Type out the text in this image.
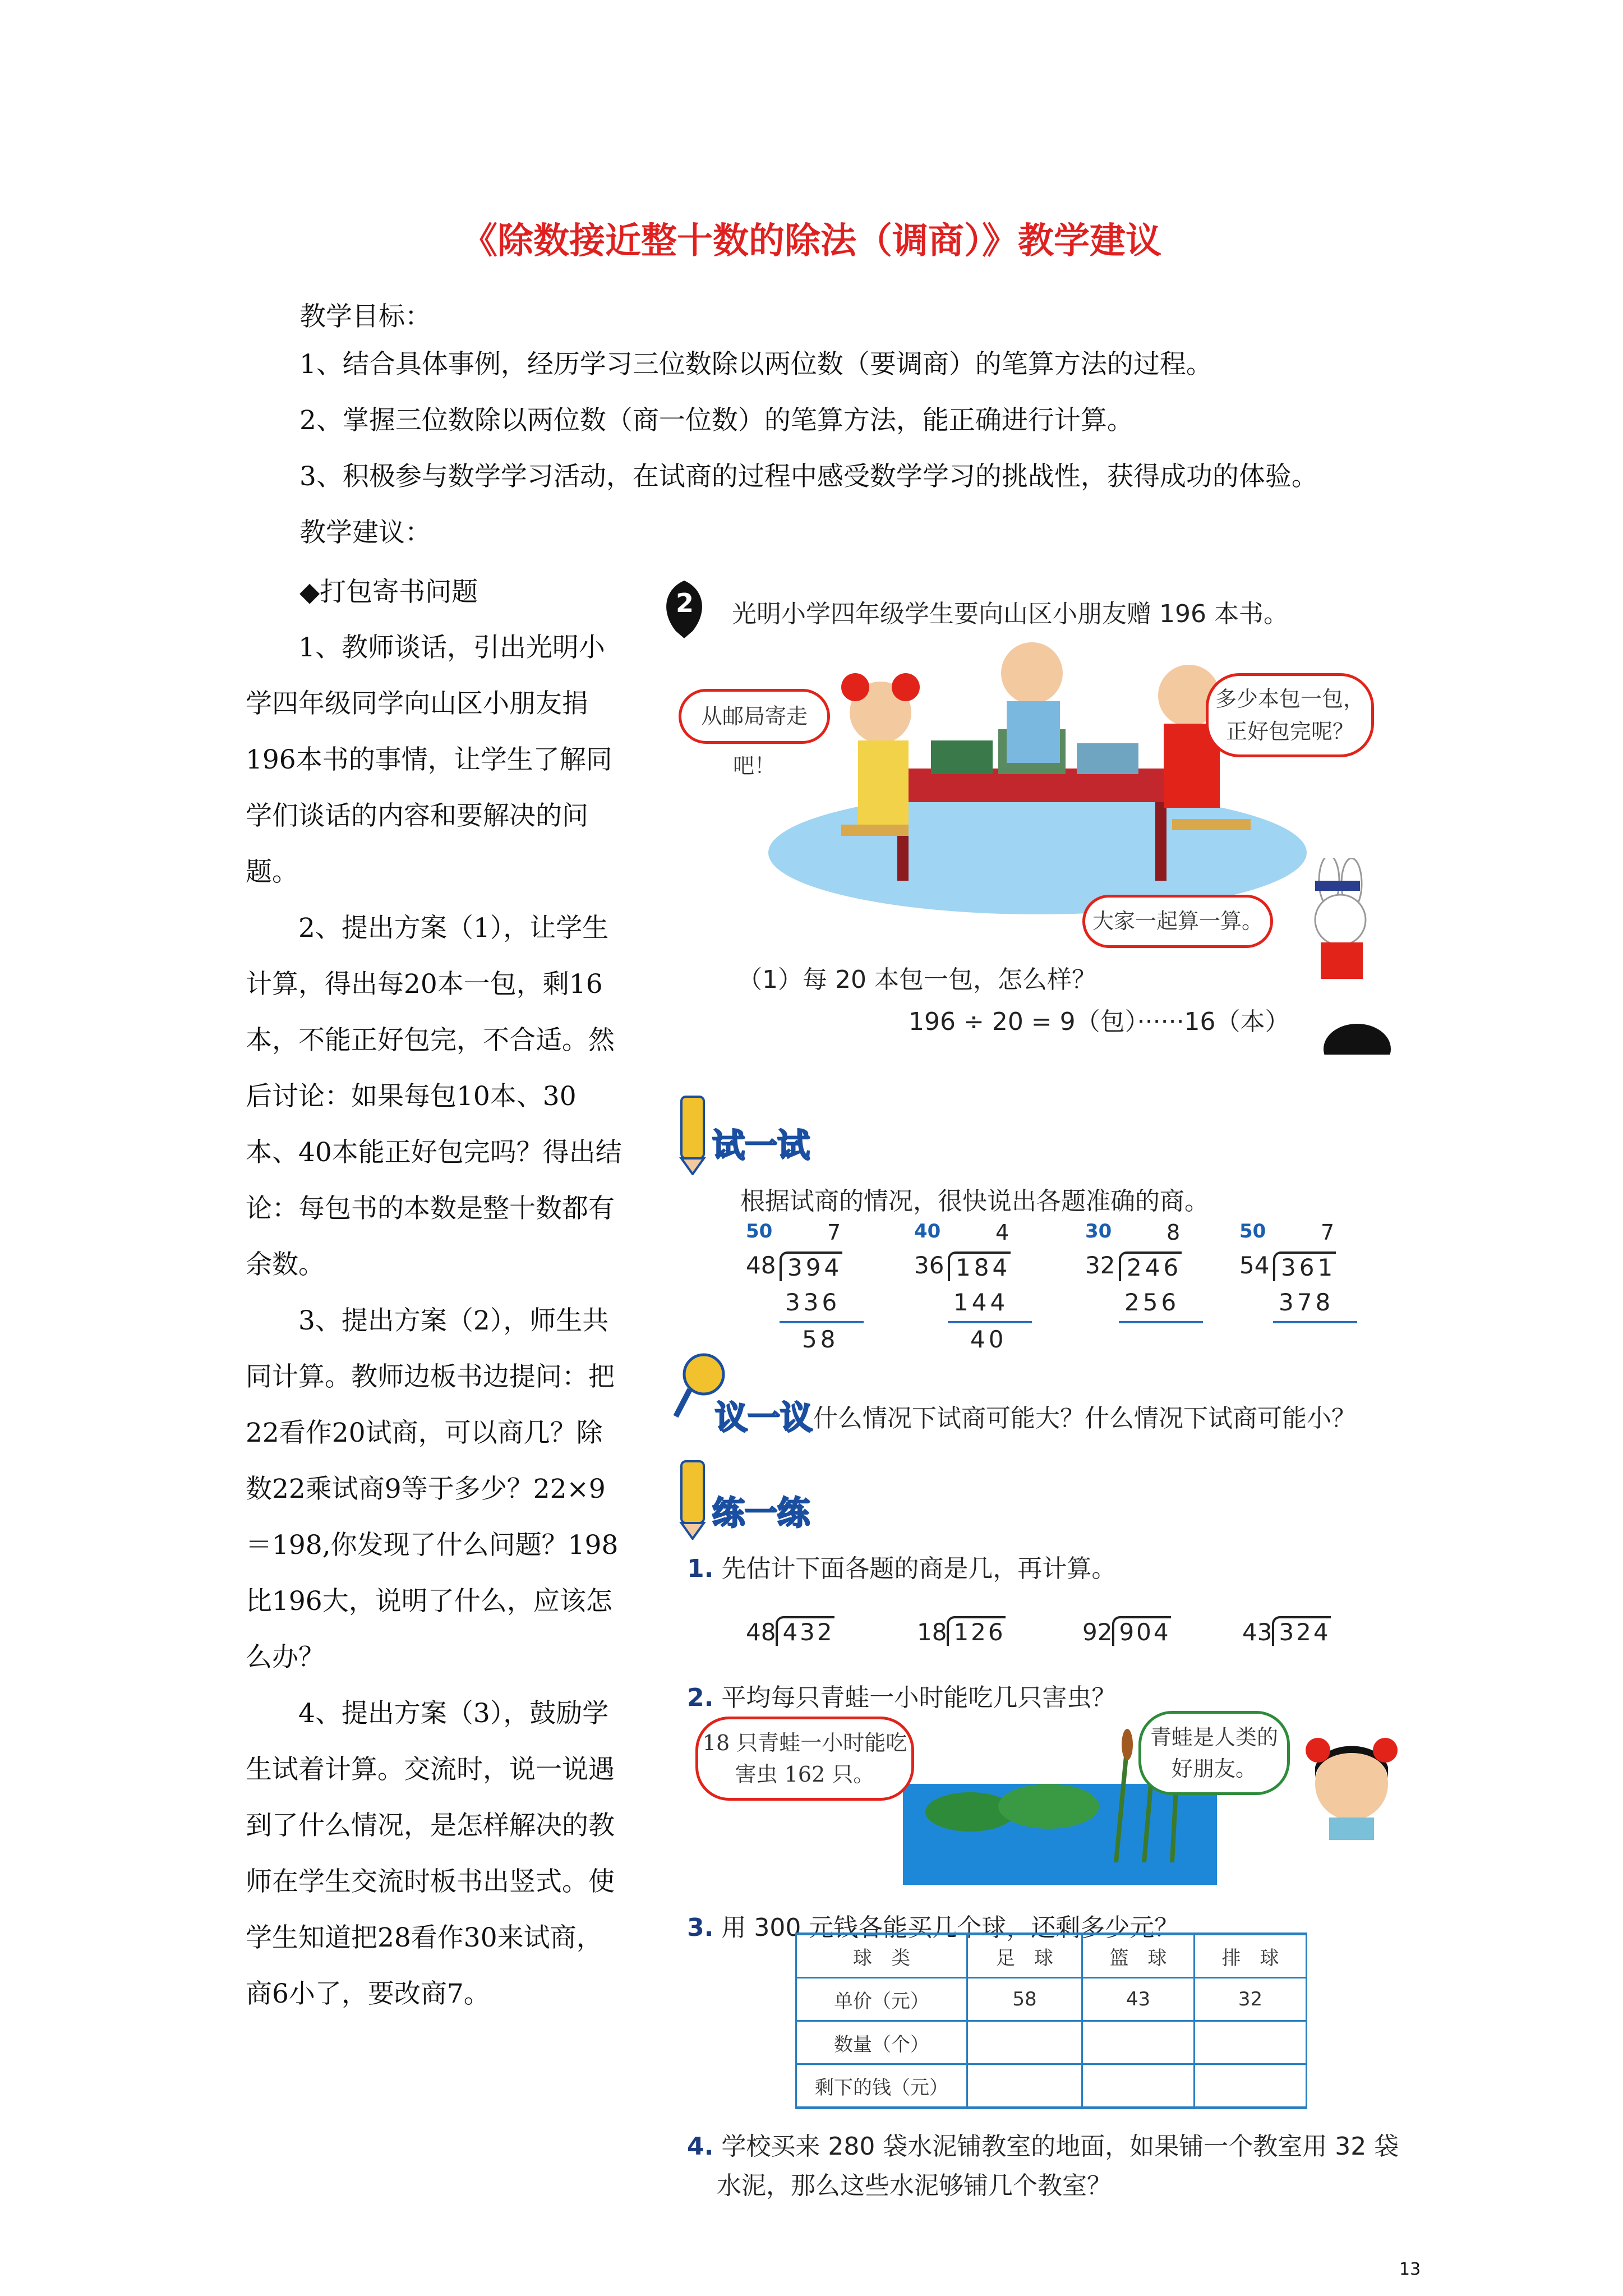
《除数接近整十数的除法（调商）》教学建议
教学目标：
1、结合具体事例，经历学习三位数除以两位数（要调商）的笔算方法的过程。
2、掌握三位数除以两位数（商一位数）的笔算方法，能正确进行计算。
3、积极参与数学学习活动，在试商的过程中感受数学学习的挑战性，获得成功的体验。
教学建议：
◆打包寄书问题

1、教师谈话，引出光明小学四年级同学向山区小朋友捐196本书的事情，让学生了解同学们谈话的内容和要解决的问题。

2、提出方案（1），让学生计算，得出每20本一包，剩16本，不能正好包完，不合适。然后讨论：如果每包10本、30本、40本能正好包完吗？得出结论：每包书的本数是整十数都有余数。

3、提出方案（2），师生共同计算。教师边板书边提问：把22看作20试商，可以商几？除数22乘试商9等于多少？22×9＝198,你发现了什么问题？198比196大，说明了什么，应该怎么办？

4、提出方案（3），鼓励学生试着计算。交流时，说一说遇到了什么情况，是怎样解决的教师在学生交流时板书出竖式。使学生知道把28看作30来试商，商6小了，要改商7。

2 光明小学四年级学生要向山区小朋友赠 196 本书。
从邮局寄走吧！
多少本包一包，正好包完呢？
大家一起算一算。
（1）每 20 本包一包，怎么样？
196 ÷ 20 = 9（包）······16（本）
试一试
根据试商的情况，很快说出各题准确的商。
50	7
48 394
336
58
40	4
36 184
144
40
30	8
32 246
256
50	7
54 361
378
议一议 什么情况下试商可能大？什么情况下试商可能小？
练一练
1. 先估计下面各题的商是几，再计算。
48 432	18 126	92 904	43 324
2. 平均每只青蛙一小时能吃几只害虫？
18 只青蛙一小时能吃害虫 162 只。
青蛙是人类的好朋友。
3. 用 300 元钱各能买几个球，还剩多少元？
4. 学校买来 280 袋水泥铺教室的地面，如果铺一个教室用 32 袋
水泥，那么这些水泥够铺几个教室？
球　类	足　球	篮　球	排　球
单价（元）	58	43	32
数量（个）			
剩下的钱（元）			
13
